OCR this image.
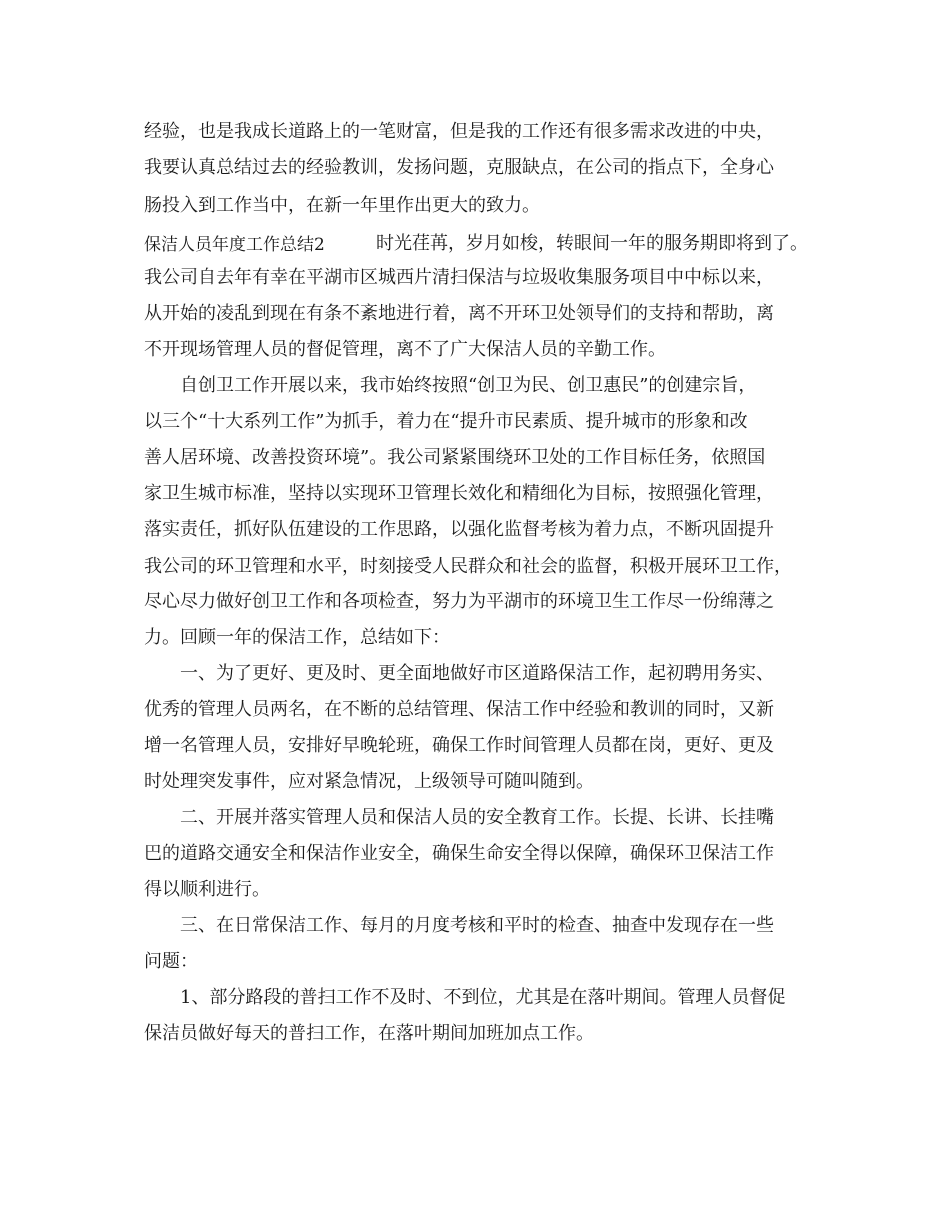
经验，也是我成长道路上的一笔财富，但是我的工作还有很多需求改进的中央，
我要认真总结过去的经验教训，发扬问题，克服缺点，在公司的指点下，全身心
肠投入到工作当中，在新一年里作出更大的致力。
保洁人员年度工作总结2	时光荏苒，岁月如梭，转眼间一年的服务期即将到了。
我公司自去年有幸在平湖市区城西片清扫保洁与垃圾收集服务项目中中标以来，
从开始的凌乱到现在有条不紊地进行着，离不开环卫处领导们的支持和帮助，离
不开现场管理人员的督促管理，离不了广大保洁人员的辛勤工作。
　　自创卫工作开展以来，我市始终按照“创卫为民、创卫惠民”的创建宗旨，
以三个“十大系列工作”为抓手，着力在“提升市民素质、提升城市的形象和改
善人居环境、改善投资环境”。我公司紧紧围绕环卫处的工作目标任务，依照国
家卫生城市标准，坚持以实现环卫管理长效化和精细化为目标，按照强化管理，
落实责任，抓好队伍建设的工作思路，以强化监督考核为着力点，不断巩固提升
我公司的环卫管理和水平，时刻接受人民群众和社会的监督，积极开展环卫工作，
尽心尽力做好创卫工作和各项检查，努力为平湖市的环境卫生工作尽一份绵薄之
力。回顾一年的保洁工作，总结如下：
　　一、为了更好、更及时、更全面地做好市区道路保洁工作，起初聘用务实、
优秀的管理人员两名，在不断的总结管理、保洁工作中经验和教训的同时，又新
增一名管理人员，安排好早晚轮班，确保工作时间管理人员都在岗，更好、更及
时处理突发事件，应对紧急情况，上级领导可随叫随到。
　　二、开展并落实管理人员和保洁人员的安全教育工作。长提、长讲、长挂嘴
巴的道路交通安全和保洁作业安全，确保生命安全得以保障，确保环卫保洁工作
得以顺利进行。
　　三、在日常保洁工作、每月的月度考核和平时的检查、抽查中发现存在一些
问题：
　　1、部分路段的普扫工作不及时、不到位，尤其是在落叶期间。管理人员督促
保洁员做好每天的普扫工作，在落叶期间加班加点工作。
